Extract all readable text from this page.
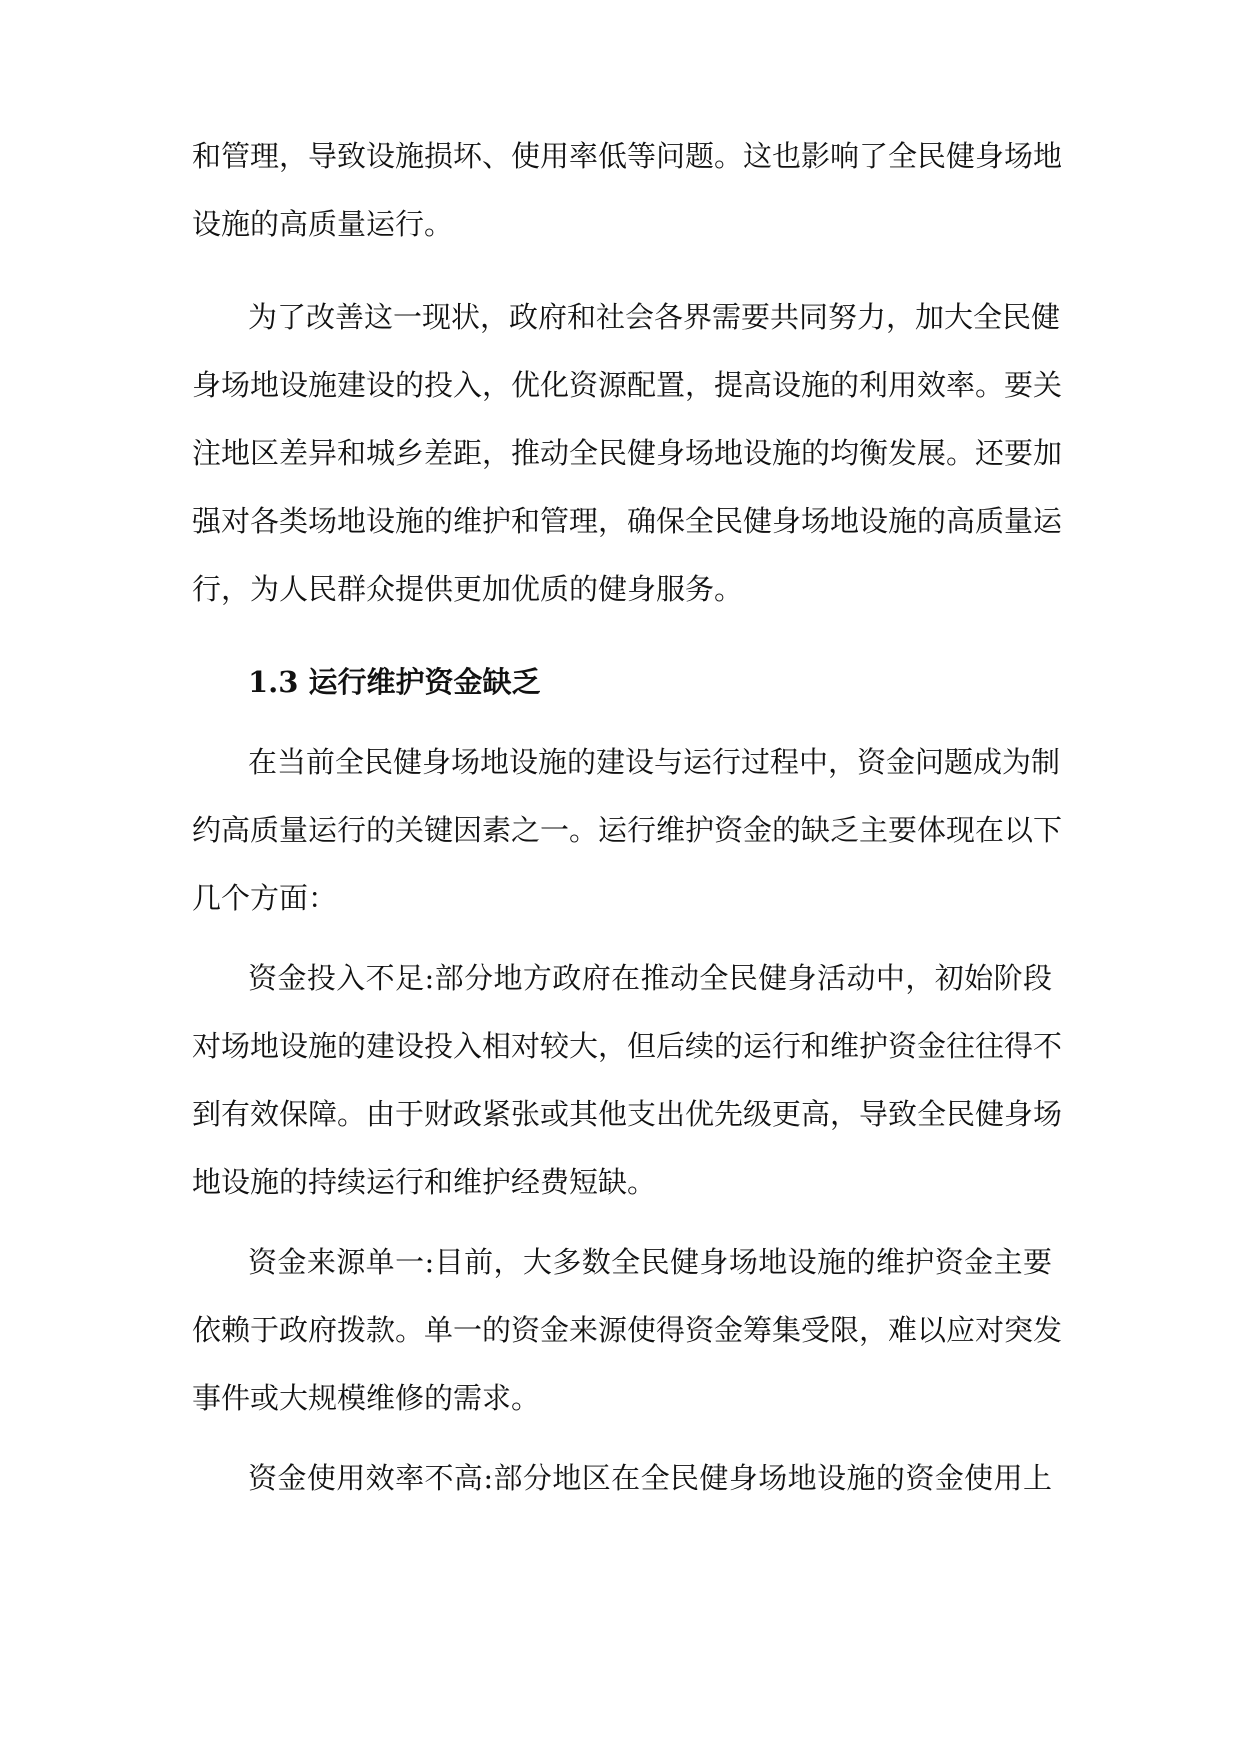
和管理，导致设施损坏、使用率低等问题。这也影响了全民健身场地
设施的高质量运行。
为了改善这一现状，政府和社会各界需要共同努力，加大全民健
身场地设施建设的投入，优化资源配置，提高设施的利用效率。要关
注地区差异和城乡差距，推动全民健身场地设施的均衡发展。还要加
强对各类场地设施的维护和管理，确保全民健身场地设施的高质量运
行，为人民群众提供更加优质的健身服务。
1.3 运行维护资金缺乏
在当前全民健身场地设施的建设与运行过程中，资金问题成为制
约高质量运行的关键因素之一。运行维护资金的缺乏主要体现在以下
几个方面：
资金投入不足:部分地方政府在推动全民健身活动中，初始阶段
对场地设施的建设投入相对较大，但后续的运行和维护资金往往得不
到有效保障。由于财政紧张或其他支出优先级更高，导致全民健身场
地设施的持续运行和维护经费短缺。
资金来源单一:目前，大多数全民健身场地设施的维护资金主要
依赖于政府拨款。单一的资金来源使得资金筹集受限，难以应对突发
事件或大规模维修的需求。
资金使用效率不高:部分地区在全民健身场地设施的资金使用上
